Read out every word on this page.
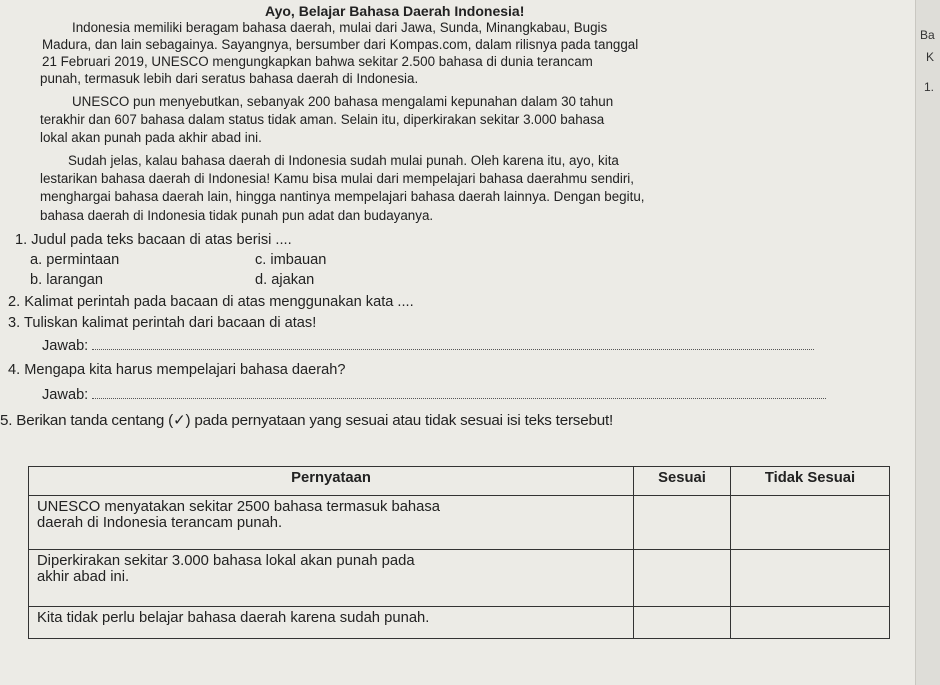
Ayo, Belajar Bahasa Daerah Indonesia!
Indonesia memiliki beragam bahasa daerah, mulai dari Jawa, Sunda, Minangkabau, Bugis
Madura, dan lain sebagainya. Sayangnya, bersumber dari Kompas.com, dalam rilisnya pada tanggal
21 Februari 2019, UNESCO mengungkapkan bahwa sekitar 2.500 bahasa di dunia terancam
punah, termasuk lebih dari seratus bahasa daerah di Indonesia.
UNESCO pun menyebutkan, sebanyak 200 bahasa mengalami kepunahan dalam 30 tahun
terakhir dan 607 bahasa dalam status tidak aman. Selain itu, diperkirakan sekitar 3.000 bahasa
lokal akan punah pada akhir abad ini.
Sudah jelas, kalau bahasa daerah di Indonesia sudah mulai punah. Oleh karena itu, ayo, kita
lestarikan bahasa daerah di Indonesia! Kamu bisa mulai dari mempelajari bahasa daerahmu sendiri,
menghargai bahasa daerah lain, hingga nantinya mempelajari bahasa daerah lainnya. Dengan begitu,
bahasa daerah di Indonesia tidak punah pun adat dan budayanya.
1. Judul pada teks bacaan di atas berisi ....
a. permintaan	c. imbauan
b. larangan	d. ajakan
2. Kalimat perintah pada bacaan di atas menggunakan kata ....
3. Tuliskan kalimat perintah dari bacaan di atas!
Jawab:
4. Mengapa kita harus mempelajari bahasa daerah?
Jawab:
5. Berikan tanda centang (✓) pada pernyataan yang sesuai atau tidak sesuai isi teks tersebut!
Pernyataan	Sesuai	Tidak Sesuai

UNESCO menyatakan sekitar 2500 bahasa termasuk bahasa
daerah di Indonesia terancam punah.		

Diperkirakan sekitar 3.000 bahasa lokal akan punah pada
akhir abad ini.		

Kita tidak perlu belajar bahasa daerah karena sudah punah.		
Ba
K
1.
